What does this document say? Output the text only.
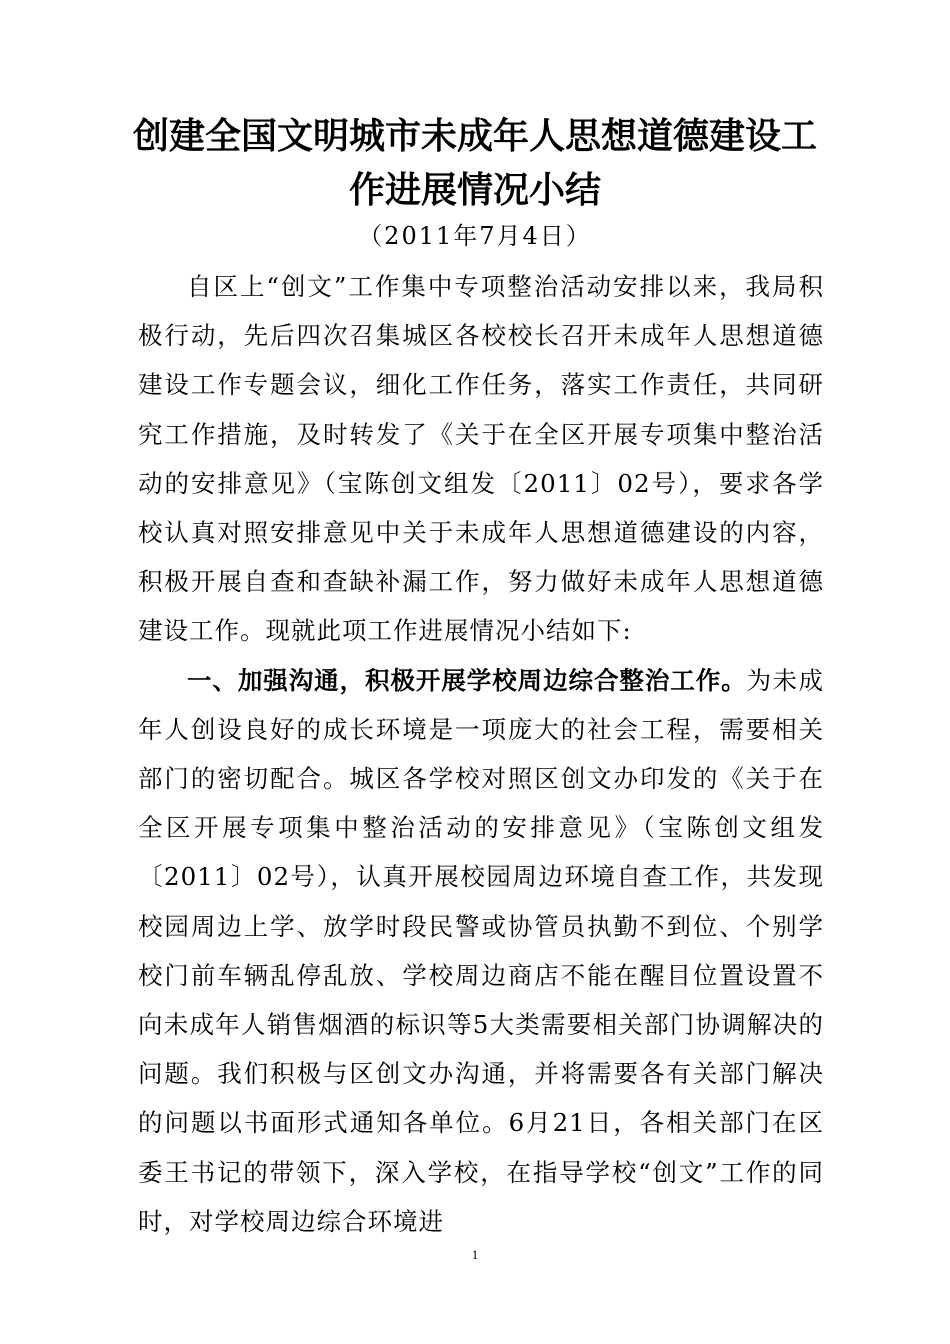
创建全国文明城市未成年人思想道德建设工作进展情况小结
（2011年7月4日）

自区上“创文”工作集中专项整治活动安排以来，我局积极行动，先后四次召集城区各校校长召开未成年人思想道德建设工作专题会议，细化工作任务，落实工作责任，共同研究工作措施，及时转发了《关于在全区开展专项集中整治活动的安排意见》（宝陈创文组发〔2011〕02号），要求各学校认真对照安排意见中关于未成年人思想道德建设的内容，积极开展自查和查缺补漏工作，努力做好未成年人思想道德建设工作。现就此项工作进展情况小结如下:

一、加强沟通，积极开展学校周边综合整治工作。为未成年人创设良好的成长环境是一项庞大的社会工程，需要相关部门的密切配合。城区各学校对照区创文办印发的《关于在全区开展专项集中整治活动的安排意见》（宝陈创文组发〔2011〕02号），认真开展校园周边环境自查工作，共发现校园周边上学、放学时段民警或协管员执勤不到位、个别学校门前车辆乱停乱放、学校周边商店不能在醒目位置设置不向未成年人销售烟酒的标识等5大类需要相关部门协调解决的问题。我们积极与区创文办沟通，并将需要各有关部门解决的问题以书面形式通知各单位。6月21日，各相关部门在区委王书记的带领下，深入学校，在指导学校“创文”工作的同时，对学校周边综合环境进

1
